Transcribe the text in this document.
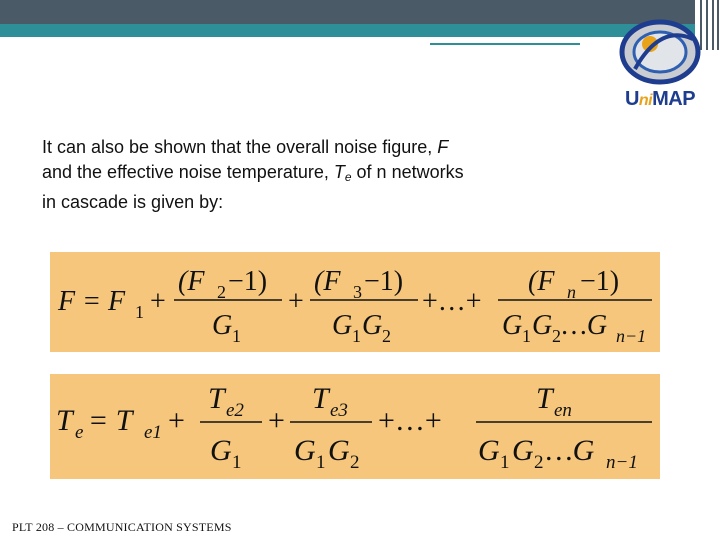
UniMAP
It can also be shown that the overall noise figure, F
and the effective noise temperature, $T_e$ of n networks
in cascade is given by:
F = F 1 +
(F 2 −1)
G 1
+
(F 3 −1)
G 1 G 2
+…+
(F n −1)
G 1 G 2 …G n−1
T e = T e1 +
T e2
G 1
+
T e3
G 1 G 2
+…+
T en
G 1 G 2 …G n−1
PLT 208 – COMMUNICATION SYSTEMS
